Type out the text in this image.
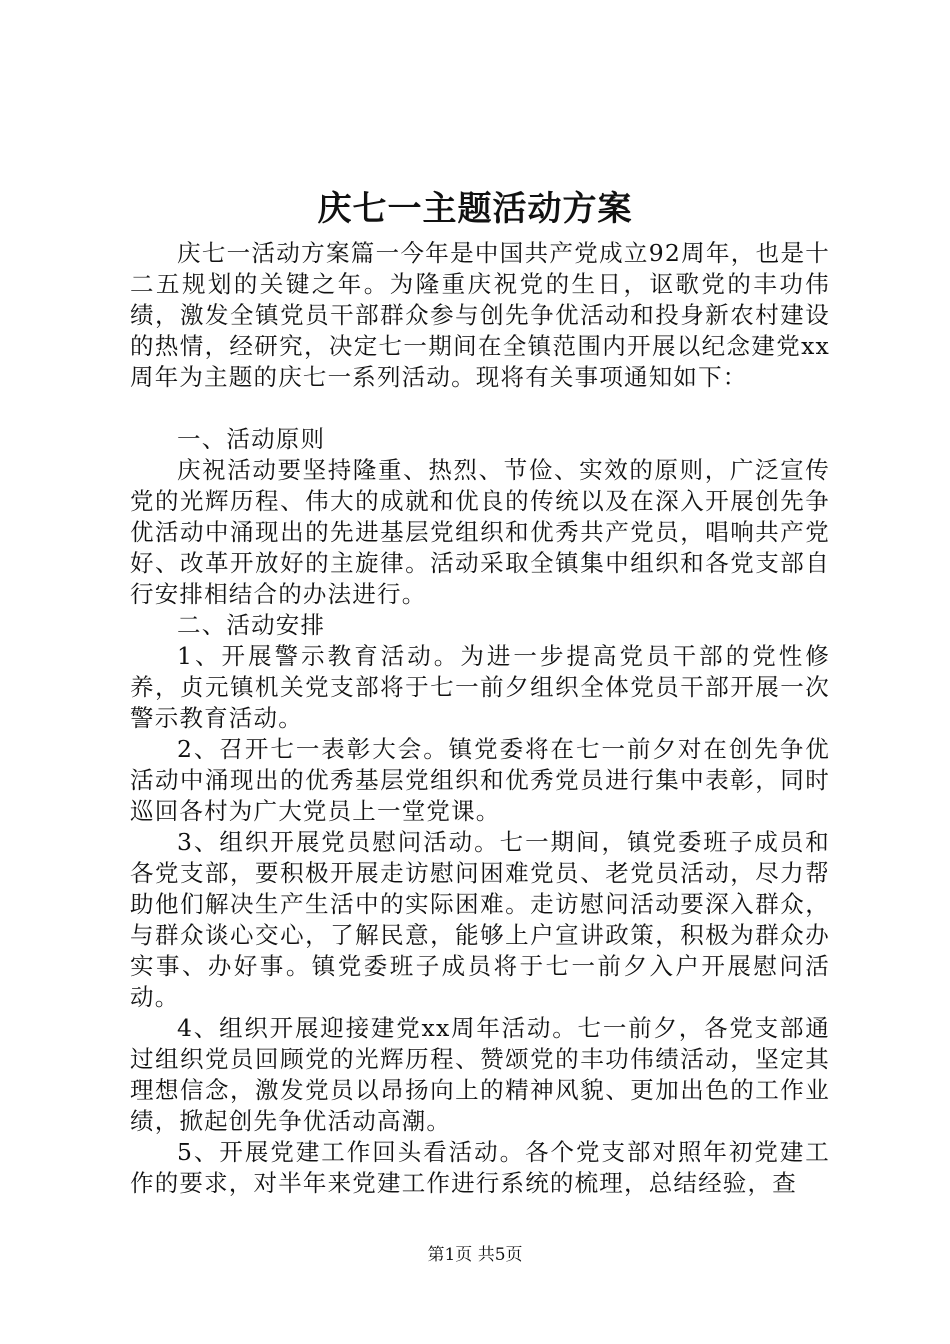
庆七一主题活动方案

庆七一活动方案篇一今年是中国共产党成立92周年，也是十二五规划的关键之年。为隆重庆祝党的生日，讴歌党的丰功伟绩，激发全镇党员干部群众参与创先争优活动和投身新农村建设的热情，经研究，决定七一期间在全镇范围内开展以纪念建党xx周年为主题的庆七一系列活动。现将有关事项通知如下：

一、活动原则

庆祝活动要坚持隆重、热烈、节俭、实效的原则，广泛宣传党的光辉历程、伟大的成就和优良的传统以及在深入开展创先争优活动中涌现出的先进基层党组织和优秀共产党员，唱响共产党好、改革开放好的主旋律。活动采取全镇集中组织和各党支部自行安排相结合的办法进行。

二、活动安排

1、开展警示教育活动。为进一步提高党员干部的党性修养，贞元镇机关党支部将于七一前夕组织全体党员干部开展一次警示教育活动。

2、召开七一表彰大会。镇党委将在七一前夕对在创先争优活动中涌现出的优秀基层党组织和优秀党员进行集中表彰，同时巡回各村为广大党员上一堂党课。

3、组织开展党员慰问活动。七一期间，镇党委班子成员和各党支部，要积极开展走访慰问困难党员、老党员活动，尽力帮助他们解决生产生活中的实际困难。走访慰问活动要深入群众，与群众谈心交心，了解民意，能够上户宣讲政策，积极为群众办实事、办好事。镇党委班子成员将于七一前夕入户开展慰问活动。

4、组织开展迎接建党xx周年活动。七一前夕，各党支部通过组织党员回顾党的光辉历程、赞颂党的丰功伟绩活动，坚定其理想信念，激发党员以昂扬向上的精神风貌、更加出色的工作业绩，掀起创先争优活动高潮。

5、开展党建工作回头看活动。各个党支部对照年初党建工作的要求，对半年来党建工作进行系统的梳理，总结经验，查

第1页 共5页
